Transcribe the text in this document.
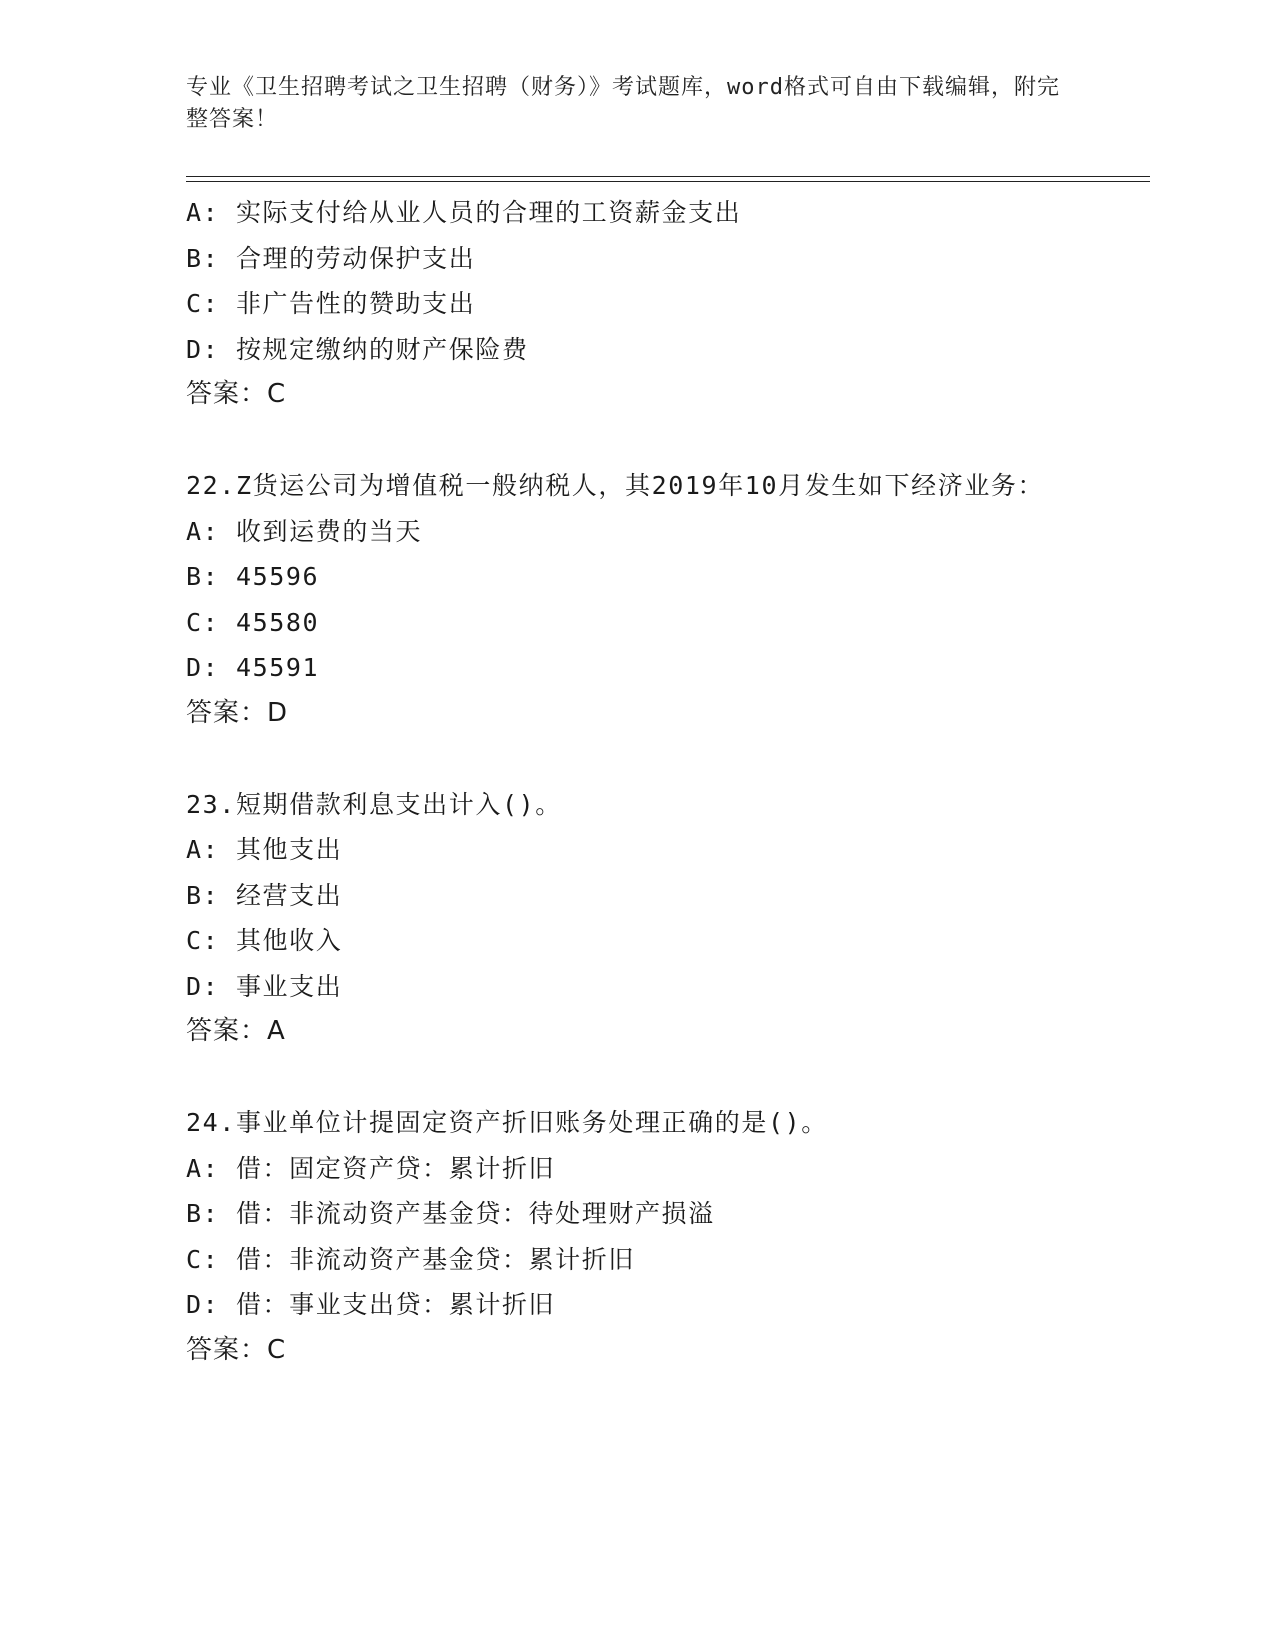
专业《卫生招聘考试之卫生招聘（财务）》考试题库，word格式可自由下载编辑，附完整答案！
A: 实际支付给从业人员的合理的工资薪金支出
B: 合理的劳动保护支出
C: 非广告性的赞助支出
D: 按规定缴纳的财产保险费
答案：C
22.Z货运公司为增值税一般纳税人，其2019年10月发生如下经济业务：
A: 收到运费的当天
B: 45596
C: 45580
D: 45591
答案：D
23.短期借款利息支出计入()。
A: 其他支出
B: 经营支出
C: 其他收入
D: 事业支出
答案：A
24.事业单位计提固定资产折旧账务处理正确的是()。
A: 借：固定资产贷：累计折旧
B: 借：非流动资产基金贷：待处理财产损溢
C: 借：非流动资产基金贷：累计折旧
D: 借：事业支出贷：累计折旧
答案：C
